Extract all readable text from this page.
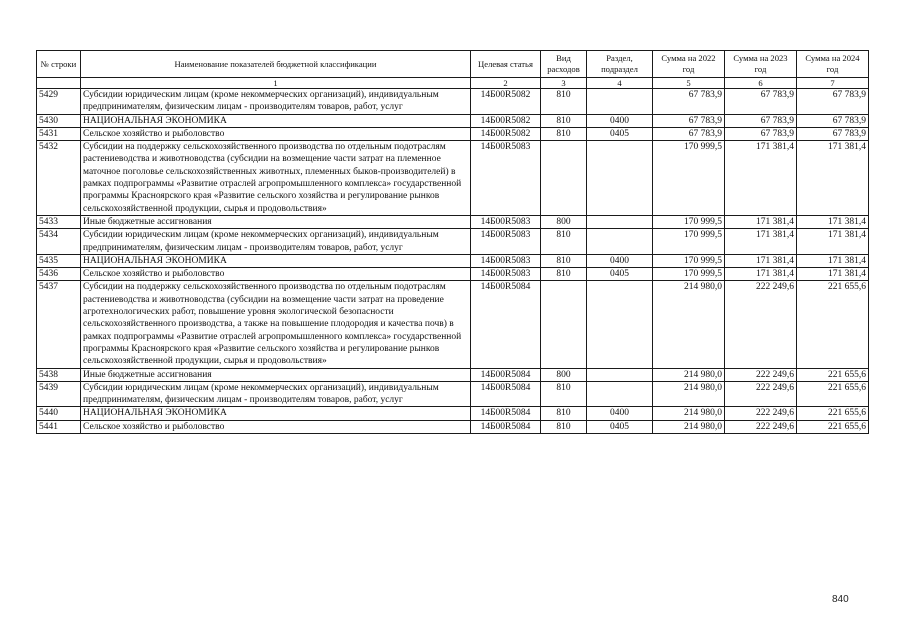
№ строки	Наименование показателей бюджетной классификации	Целевая статья	Вид расходов	Раздел, подраздел	Сумма на 2022 год	Сумма на 2023 год	Сумма на 2024 год
	1	2	3	4	5	6	7
5429	Субсидии юридическим лицам (кроме некоммерческих организаций), индивидуальным предпринимателям, физическим лицам - производителям товаров, работ, услуг	14Б00R5082	810		67 783,9	67 783,9	67 783,9
5430	НАЦИОНАЛЬНАЯ ЭКОНОМИКА	14Б00R5082	810	0400	67 783,9	67 783,9	67 783,9
5431	Сельское хозяйство и рыболовство	14Б00R5082	810	0405	67 783,9	67 783,9	67 783,9
5432	Субсидии на поддержку сельскохозяйственного производства по отдельным подотраслям растениеводства и животноводства (субсидии на возмещение части затрат на племенное маточное поголовье сельскохозяйственных животных, племенных быков-производителей) в рамках подпрограммы «Развитие отраслей агропромышленного комплекса» государственной программы Красноярского края «Развитие сельского хозяйства и регулирование рынков сельскохозяйственной продукции, сырья и продовольствия»	14Б00R5083			170 999,5	171 381,4	171 381,4
5433	Иные бюджетные ассигнования	14Б00R5083	800		170 999,5	171 381,4	171 381,4
5434	Субсидии юридическим лицам (кроме некоммерческих организаций), индивидуальным предпринимателям, физическим лицам - производителям товаров, работ, услуг	14Б00R5083	810		170 999,5	171 381,4	171 381,4
5435	НАЦИОНАЛЬНАЯ ЭКОНОМИКА	14Б00R5083	810	0400	170 999,5	171 381,4	171 381,4
5436	Сельское хозяйство и рыболовство	14Б00R5083	810	0405	170 999,5	171 381,4	171 381,4
5437	Субсидии на поддержку сельскохозяйственного производства по отдельным подотраслям растениеводства и животноводства (субсидии на возмещение части затрат на проведение агротехнологических работ, повышение уровня экологической безопасности сельскохозяйственного производства, а также на повышение плодородия и качества почв) в рамках подпрограммы «Развитие отраслей агропромышленного комплекса» государственной программы Красноярского края «Развитие сельского хозяйства и регулирование рынков сельскохозяйственной продукции, сырья и продовольствия»	14Б00R5084			214 980,0	222 249,6	221 655,6
5438	Иные бюджетные ассигнования	14Б00R5084	800		214 980,0	222 249,6	221 655,6
5439	Субсидии юридическим лицам (кроме некоммерческих организаций), индивидуальным предпринимателям, физическим лицам - производителям товаров, работ, услуг	14Б00R5084	810		214 980,0	222 249,6	221 655,6
5440	НАЦИОНАЛЬНАЯ ЭКОНОМИКА	14Б00R5084	810	0400	214 980,0	222 249,6	221 655,6
5441	Сельское хозяйство и рыболовство	14Б00R5084	810	0405	214 980,0	222 249,6	221 655,6
840
